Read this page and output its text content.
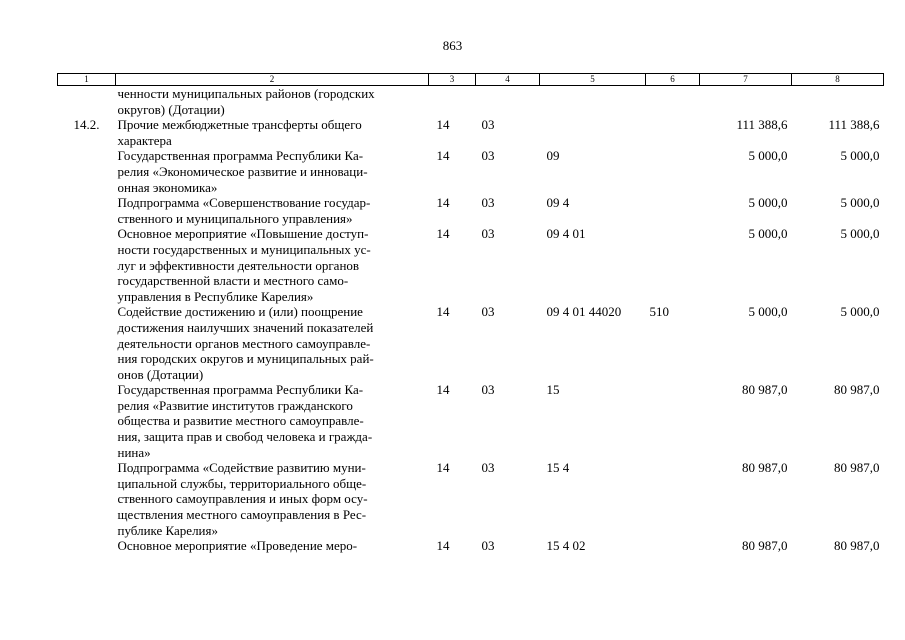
863
1	2	3	4	5	6	7	8

	ченности муниципальных районов (городских
округов) (Дотации)						

14.2.	Прочие межбюджетные трансферты общего
характера	14	03			111 388,6	111 388,6

	Государственная программа Республики Ка-
релия «Экономическое развитие и инноваци-
онная экономика»	14	03	09		5 000,0	5 000,0

	Подпрограмма «Совершенствование государ-
ственного и муниципального управления»	14	03	09 4		5 000,0	5 000,0

	Основное мероприятие «Повышение доступ-
ности государственных и муниципальных ус-
луг и эффективности деятельности органов
государственной власти и местного само-
управления в Республике Карелия»	14	03	09 4 01		5 000,0	5 000,0

	Содействие достижению и (или) поощрение
достижения наилучших значений показателей
деятельности органов местного самоуправле-
ния городских округов и муниципальных рай-
онов (Дотации)	14	03	09 4 01 44020	510	5 000,0	5 000,0

	Государственная программа Республики Ка-
релия «Развитие институтов гражданского
общества и развитие местного самоуправле-
ния, защита прав и свобод человека и гражда-
нина»	14	03	15		80 987,0	80 987,0

	Подпрограмма «Содействие развитию муни-
ципальной службы, территориального обще-
ственного самоуправления и иных форм осу-
ществления местного самоуправления в Рес-
публике Карелия»	14	03	15 4		80 987,0	80 987,0

	Основное мероприятие «Проведение меро-	14	03	15 4 02		80 987,0	80 987,0
